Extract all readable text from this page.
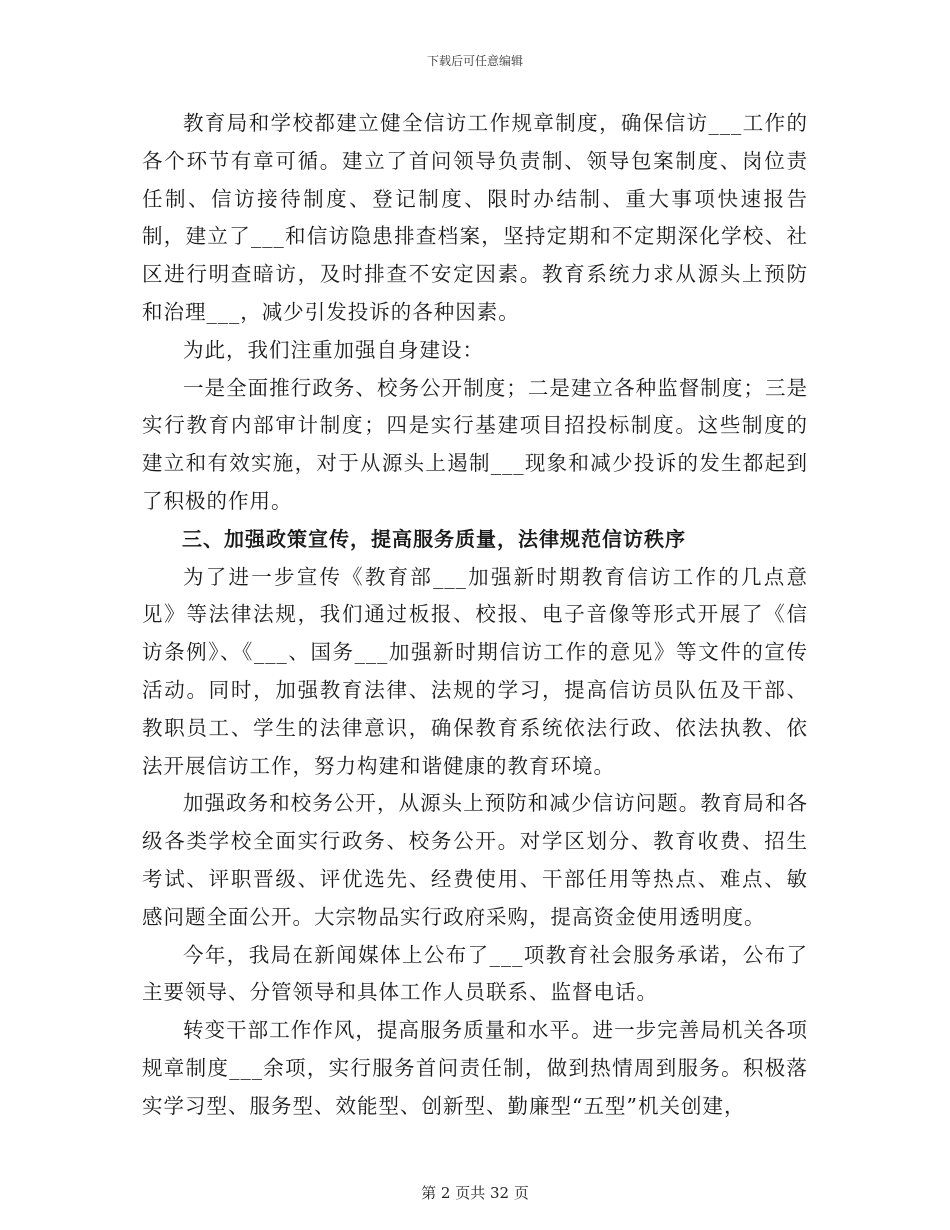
下载后可任意编辑

教育局和学校都建立健全信访工作规章制度，确保信访___工作的各个环节有章可循。建立了首问领导负责制、领导包案制度、岗位责任制、信访接待制度、登记制度、限时办结制、重大事项快速报告制，建立了___和信访隐患排查档案，坚持定期和不定期深化学校、社区进行明查暗访，及时排查不安定因素。教育系统力求从源头上预防和治理___，减少引发投诉的各种因素。

为此，我们注重加强自身建设：

一是全面推行政务、校务公开制度；二是建立各种监督制度；三是实行教育内部审计制度；四是实行基建项目招投标制度。这些制度的建立和有效实施，对于从源头上遏制___现象和减少投诉的发生都起到了积极的作用。

三、加强政策宣传，提高服务质量，法律规范信访秩序

为了进一步宣传《教育部___加强新时期教育信访工作的几点意见》等法律法规，我们通过板报、校报、电子音像等形式开展了《信访条例》、《___、国务___加强新时期信访工作的意见》等文件的宣传活动。同时，加强教育法律、法规的学习，提高信访员队伍及干部、教职员工、学生的法律意识，确保教育系统依法行政、依法执教、依法开展信访工作，努力构建和谐健康的教育环境。

加强政务和校务公开，从源头上预防和减少信访问题。教育局和各级各类学校全面实行政务、校务公开。对学区划分、教育收费、招生考试、评职晋级、评优选先、经费使用、干部任用等热点、难点、敏感问题全面公开。大宗物品实行政府采购，提高资金使用透明度。

今年，我局在新闻媒体上公布了___项教育社会服务承诺，公布了主要领导、分管领导和具体工作人员联系、监督电话。

转变干部工作作风，提高服务质量和水平。进一步完善局机关各项规章制度___余项，实行服务首问责任制，做到热情周到服务。积极落实学习型、服务型、效能型、创新型、勤廉型“五型”机关创建，

第 2 页共 32 页
